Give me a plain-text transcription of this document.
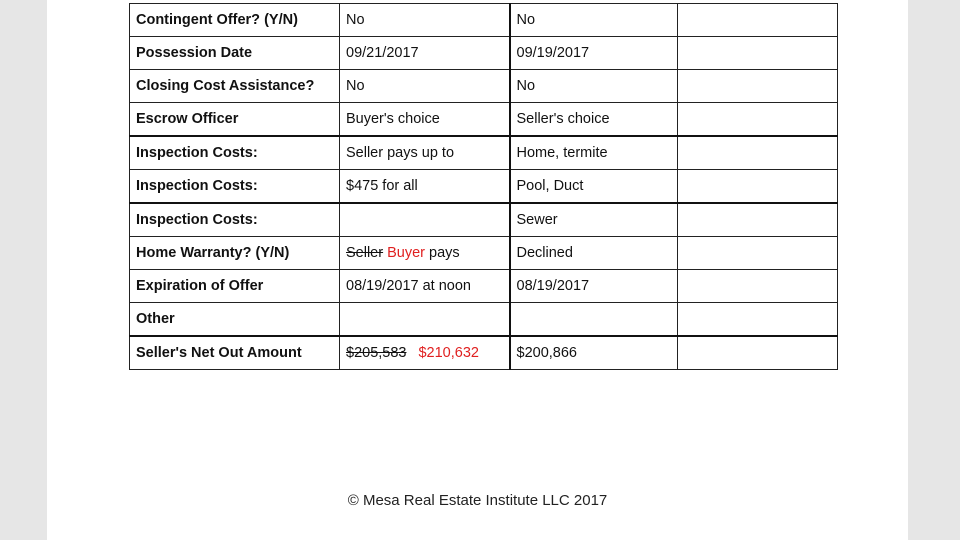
Contingent Offer? (Y/N)	No	No	
Possession Date	09/21/2017	09/19/2017	
Closing Cost Assistance?	No	No	
Escrow Officer	Buyer's choice	Seller's choice	
Inspection Costs:	Seller pays up to	Home, termite	
Inspection Costs:	$475 for all	Pool, Duct	
Inspection Costs:		Sewer	
Home Warranty? (Y/N)	Seller Buyer pays	Declined	
Expiration of Offer	08/19/2017 at noon	08/19/2017	
Other			
Seller's Net Out Amount	$205,583 $210,632	$200,866	
© Mesa Real Estate Institute LLC 2017
